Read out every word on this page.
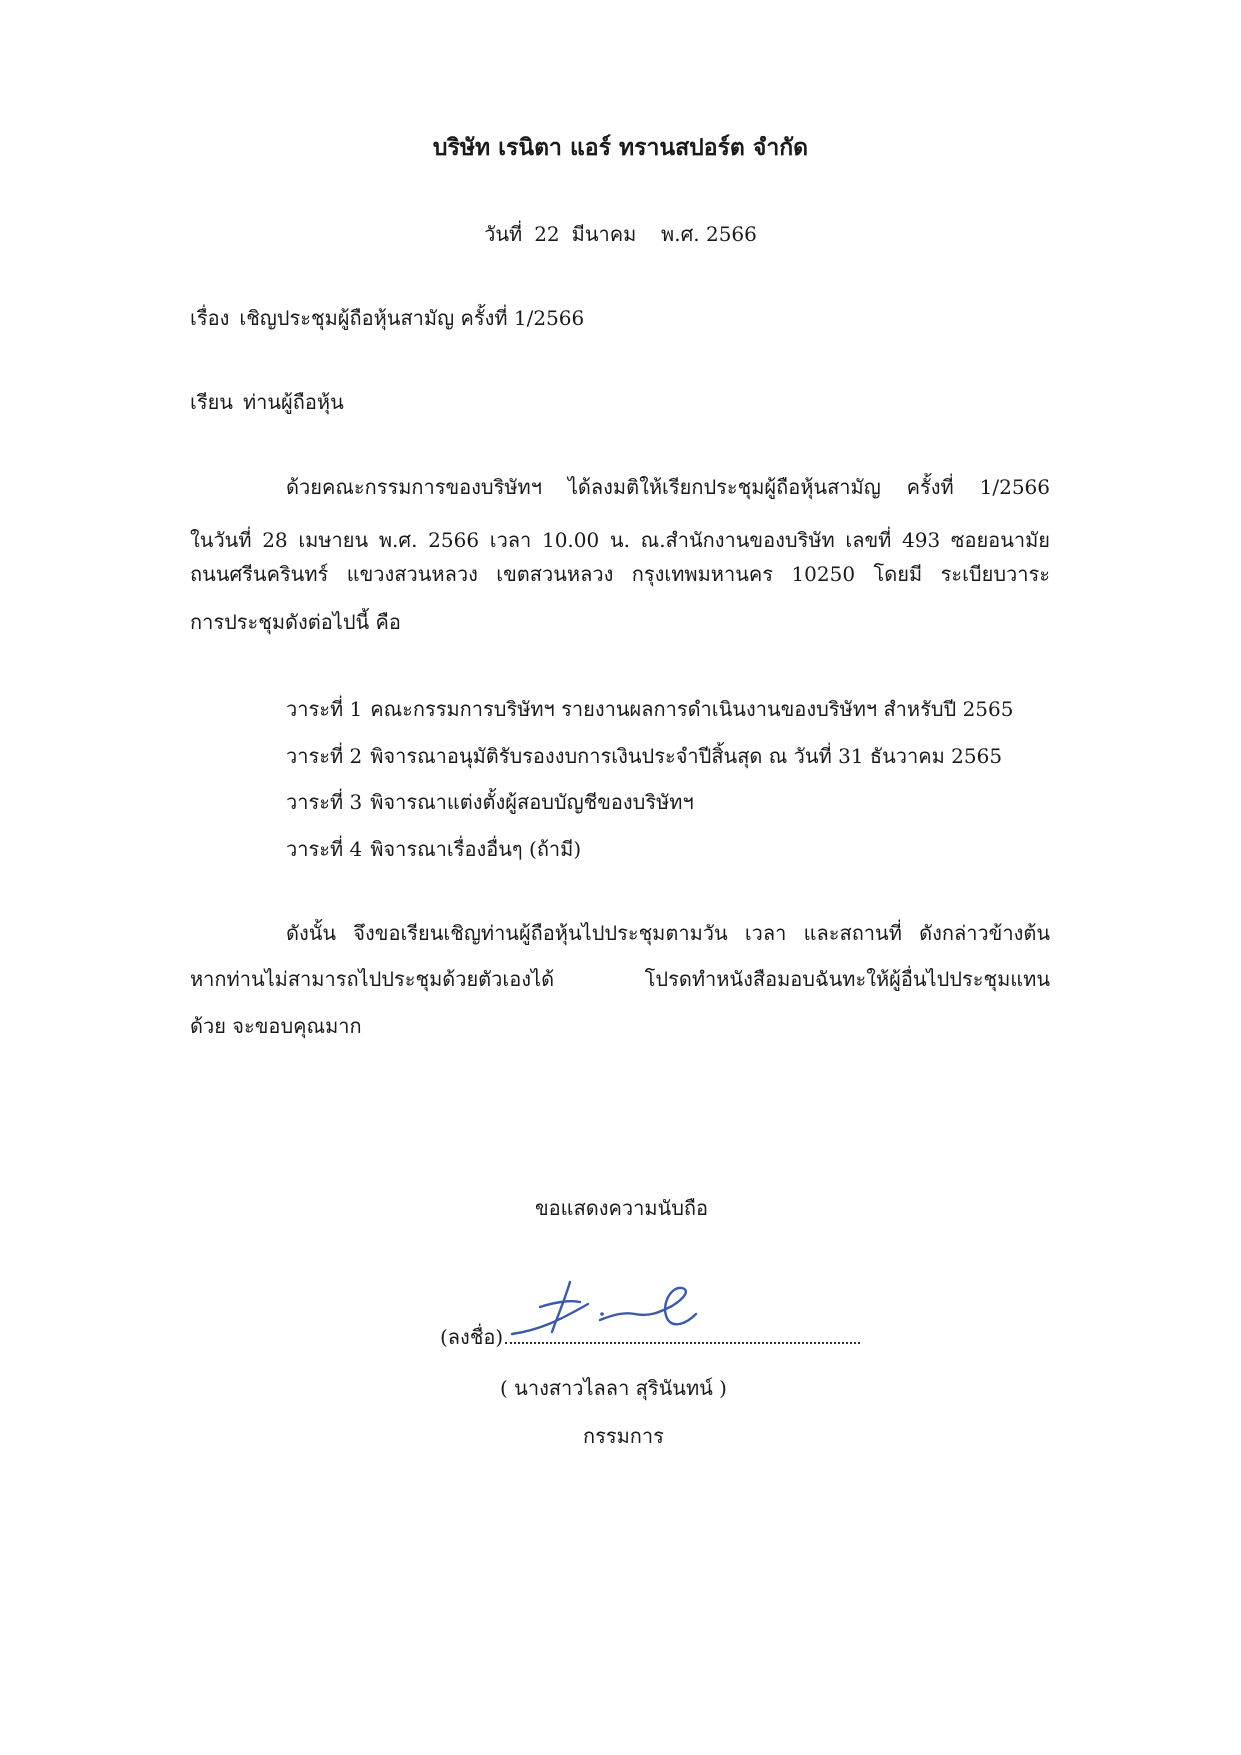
บริษัท เรนิตา แอร์ ทรานสปอร์ต จำกัด
วันที่ 22 มีนาคม พ.ศ. 2566
เรื่อง เชิญประชุมผู้ถือหุ้นสามัญ ครั้งที่ 1/2566
เรียน ท่านผู้ถือหุ้น
ด้วยคณะกรรมการของบริษัทฯ ได้ลงมติให้เรียกประชุมผู้ถือหุ้นสามัญ ครั้งที่ 1/2566
ในวันที่ 28 เมษายน พ.ศ. 2566 เวลา 10.00 น. ณ.สำนักงานของบริษัท เลขที่ 493 ซอยอนามัย
ถนนศรีนครินทร์ แขวงสวนหลวง เขตสวนหลวง กรุงเทพมหานคร 10250 โดยมี ระเบียบวาระ
การประชุมดังต่อไปนี้ คือ
วาระที่ 1 คณะกรรมการบริษัทฯ รายงานผลการดำเนินงานของบริษัทฯ สำหรับปี 2565
วาระที่ 2 พิจารณาอนุมัติรับรองงบการเงินประจำปีสิ้นสุด ณ วันที่ 31 ธันวาคม 2565
วาระที่ 3 พิจารณาแต่งตั้งผู้สอบบัญชีของบริษัทฯ
วาระที่ 4 พิจารณาเรื่องอื่นๆ (ถ้ามี)
ดังนั้น จึงขอเรียนเชิญท่านผู้ถือหุ้นไปประชุมตามวัน เวลา และสถานที่ ดังกล่าวข้างต้น
หากท่านไม่สามารถไปประชุมด้วยตัวเองได้ โปรดทำหนังสือมอบฉันทะให้ผู้อื่นไปประชุมแทน
ด้วย จะขอบคุณมาก
ขอแสดงความนับถือ
(ลงชื่อ)
( นางสาวไลลา สุรินันทน์ )
กรรมการ
